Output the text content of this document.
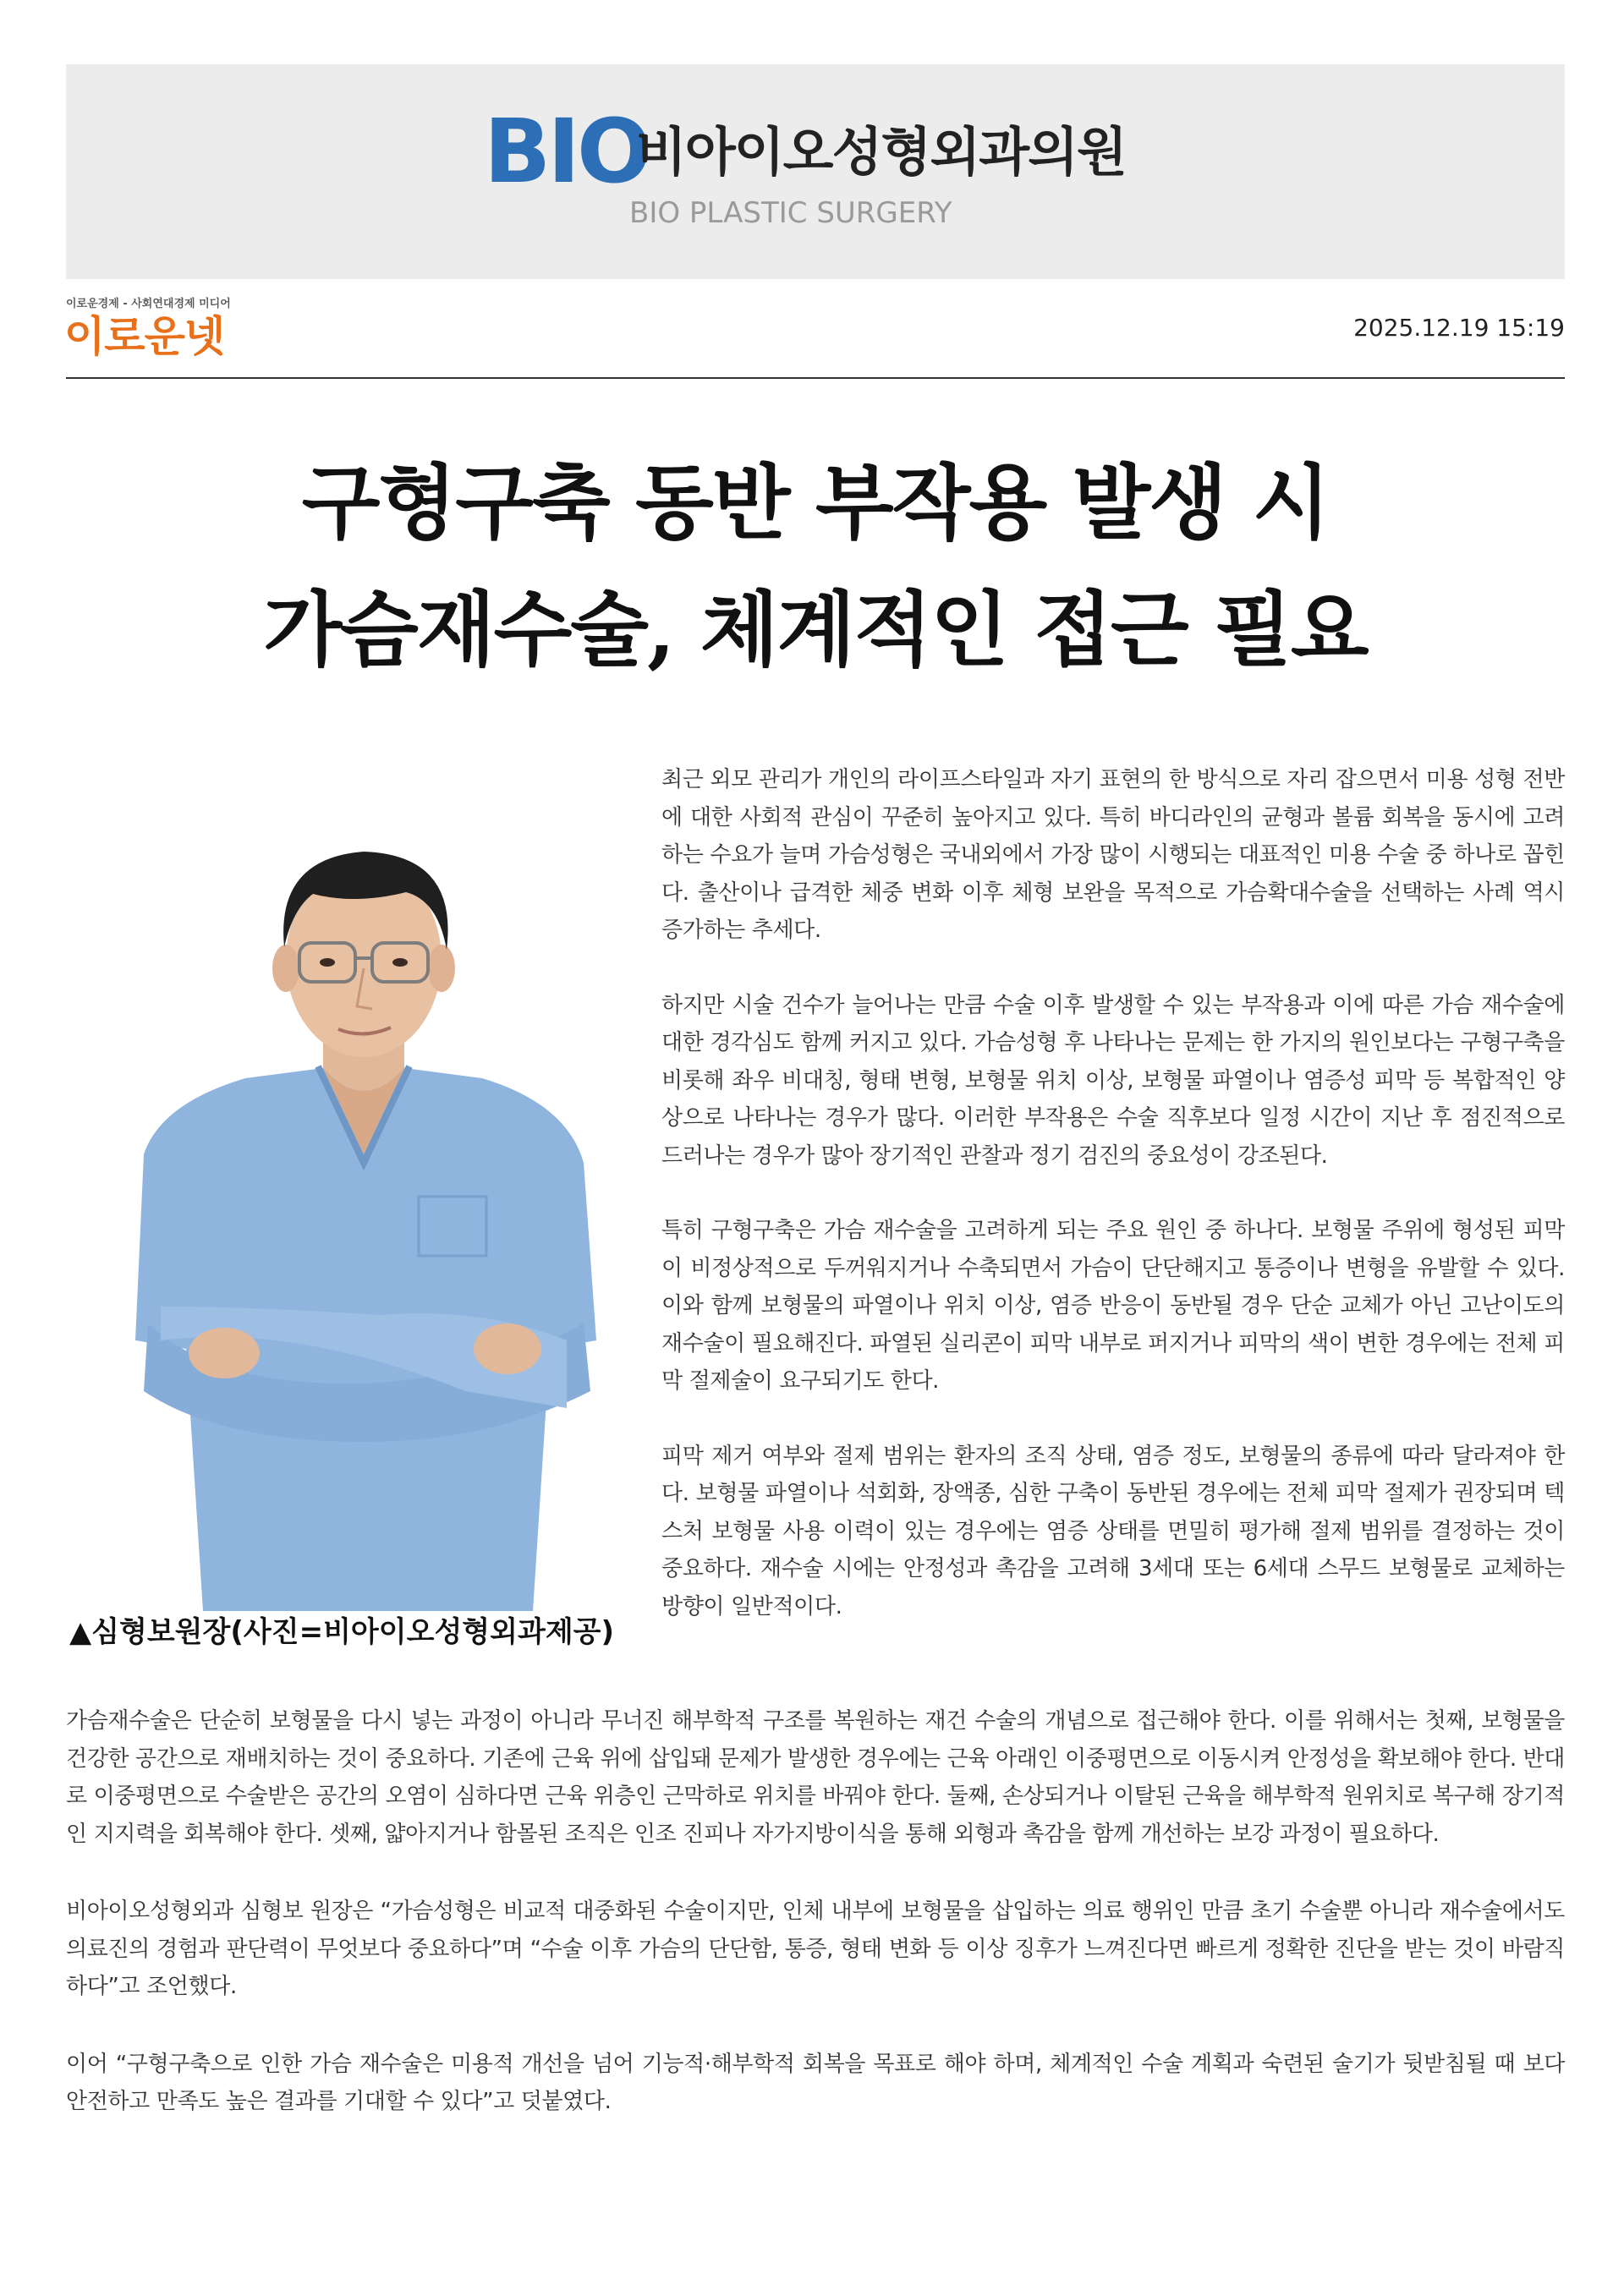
BIO
비아이오성형외과의원
BIO PLASTIC SURGERY
이로운경제 - 사회연대경제 미디어
이로운넷	2025.12.19 15:19
구형구축 동반 부작용 발생 시
가슴재수술, 체계적인 접근 필요
▲심형보원장(사진=비아이오성형외과제공)

최근 외모 관리가 개인의 라이프스타일과 자기 표현의 한 방식으로 자리 잡으면서 미용 성형 전반에 대한 사회적 관심이 꾸준히 높아지고 있다. 특히 바디라인의 균형과 볼륨 회복을 동시에 고려하는 수요가 늘며 가슴성형은 국내외에서 가장 많이 시행되는 대표적인 미용 수술 중 하나로 꼽힌다. 출산이나 급격한 체중 변화 이후 체형 보완을 목적으로 가슴확대수술을 선택하는 사례 역시 증가하는 추세다.

하지만 시술 건수가 늘어나는 만큼 수술 이후 발생할 수 있는 부작용과 이에 따른 가슴 재수술에 대한 경각심도 함께 커지고 있다. 가슴성형 후 나타나는 문제는 한 가지의 원인보다는 구형구축을 비롯해 좌우 비대칭, 형태 변형, 보형물 위치 이상, 보형물 파열이나 염증성 피막 등 복합적인 양상으로 나타나는 경우가 많다. 이러한 부작용은 수술 직후보다 일정 시간이 지난 후 점진적으로 드러나는 경우가 많아 장기적인 관찰과 정기 검진의 중요성이 강조된다.

특히 구형구축은 가슴 재수술을 고려하게 되는 주요 원인 중 하나다. 보형물 주위에 형성된 피막이 비정상적으로 두꺼워지거나 수축되면서 가슴이 단단해지고 통증이나 변형을 유발할 수 있다. 이와 함께 보형물의 파열이나 위치 이상, 염증 반응이 동반될 경우 단순 교체가 아닌 고난이도의 재수술이 필요해진다. 파열된 실리콘이 피막 내부로 퍼지거나 피막의 색이 변한 경우에는 전체 피막 절제술이 요구되기도 한다.

피막 제거 여부와 절제 범위는 환자의 조직 상태, 염증 정도, 보형물의 종류에 따라 달라져야 한다. 보형물 파열이나 석회화, 장액종, 심한 구축이 동반된 경우에는 전체 피막 절제가 권장되며 텍스처 보형물 사용 이력이 있는 경우에는 염증 상태를 면밀히 평가해 절제 범위를 결정하는 것이 중요하다. 재수술 시에는 안정성과 촉감을 고려해 3세대 또는 6세대 스무드 보형물로 교체하는 방향이 일반적이다.

가슴재수술은 단순히 보형물을 다시 넣는 과정이 아니라 무너진 해부학적 구조를 복원하는 재건 수술의 개념으로 접근해야 한다. 이를 위해서는 첫째, 보형물을 건강한 공간으로 재배치하는 것이 중요하다. 기존에 근육 위에 삽입돼 문제가 발생한 경우에는 근육 아래인 이중평면으로 이동시켜 안정성을 확보해야 한다. 반대로 이중평면으로 수술받은 공간의 오염이 심하다면 근육 위층인 근막하로 위치를 바꿔야 한다. 둘째, 손상되거나 이탈된 근육을 해부학적 원위치로 복구해 장기적인 지지력을 회복해야 한다. 셋째, 얇아지거나 함몰된 조직은 인조 진피나 자가지방이식을 통해 외형과 촉감을 함께 개선하는 보강 과정이 필요하다.

비아이오성형외과 심형보 원장은 “가슴성형은 비교적 대중화된 수술이지만, 인체 내부에 보형물을 삽입하는 의료 행위인 만큼 초기 수술뿐 아니라 재수술에서도 의료진의 경험과 판단력이 무엇보다 중요하다”며 “수술 이후 가슴의 단단함, 통증, 형태 변화 등 이상 징후가 느껴진다면 빠르게 정확한 진단을 받는 것이 바람직하다”고 조언했다.

이어 “구형구축으로 인한 가슴 재수술은 미용적 개선을 넘어 기능적·해부학적 회복을 목표로 해야 하며, 체계적인 수술 계획과 숙련된 술기가 뒷받침될 때 보다 안전하고 만족도 높은 결과를 기대할 수 있다”고 덧붙였다.
